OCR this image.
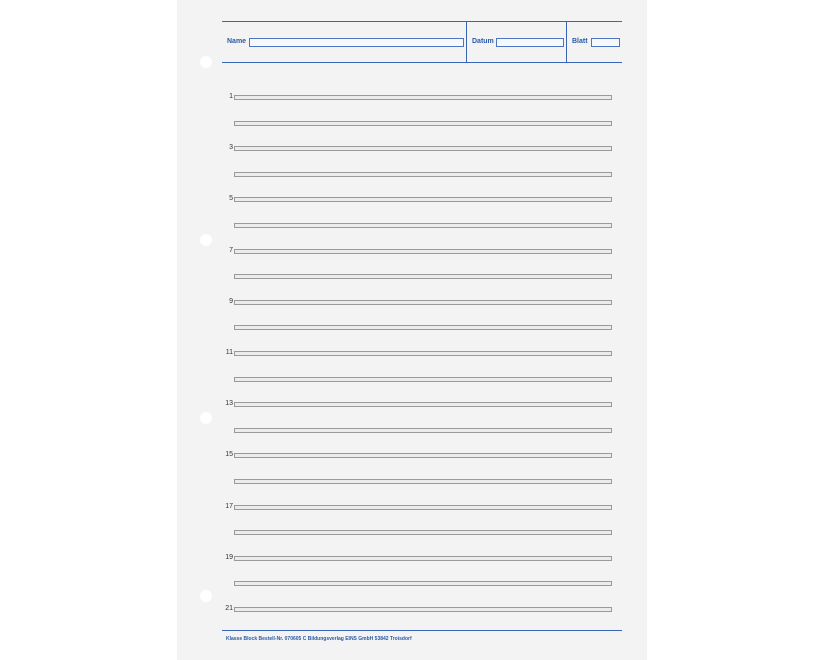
Name	Datum	Blatt
1
3
5
7
9
11
13
15
17
19
21
Klasse Block Bestell-Nr. 070605 C Bildungsverlag EINS GmbH 53842 Troisdorf
